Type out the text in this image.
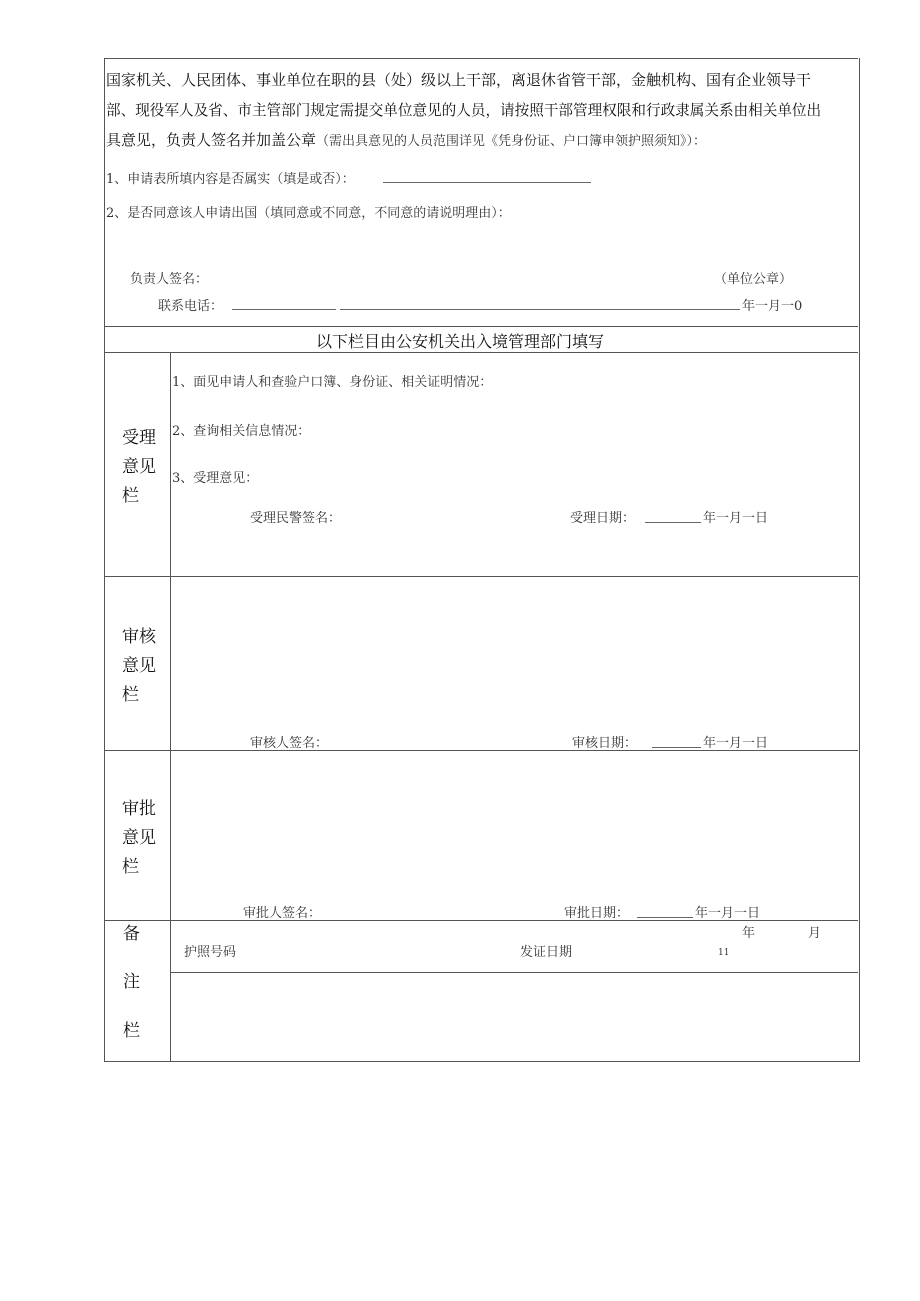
国家机关、人民团体、事业单位在职的县（处）级以上干部，离退休省管干部，金触机构、国有企业领导干
部、现役军人及省、市主管部门规定需提交单位意见的人员，请按照干部管理权限和行政隶属关系由相关单位出
具意见，负责人签名并加盖公章（需出具意见的人员范围详见《凭身份证、户口簿申领护照须知》）：
1、申请表所填内容是否属实（填是或否）：
2、是否同意该人申请出国（填同意或不同意，不同意的请说明理由）：
负责人签名：	（单位公章）
联系电话：	年一月一0
以下栏目由公安机关出入境管理部门填写
受理意见栏
1、面见申请人和查验户口簿、身份证、相关证明情况：
2、查询相关信息情况：
3、受理意见：
受理民警签名：	受理日期：	年一月一日
审核意见栏
审核人签名：	审核日期：	年一月一日
审批意见栏
审批人签名：	审批日期：	年一月一日
备
注
栏
护照号码	发证日期
年	月
11
